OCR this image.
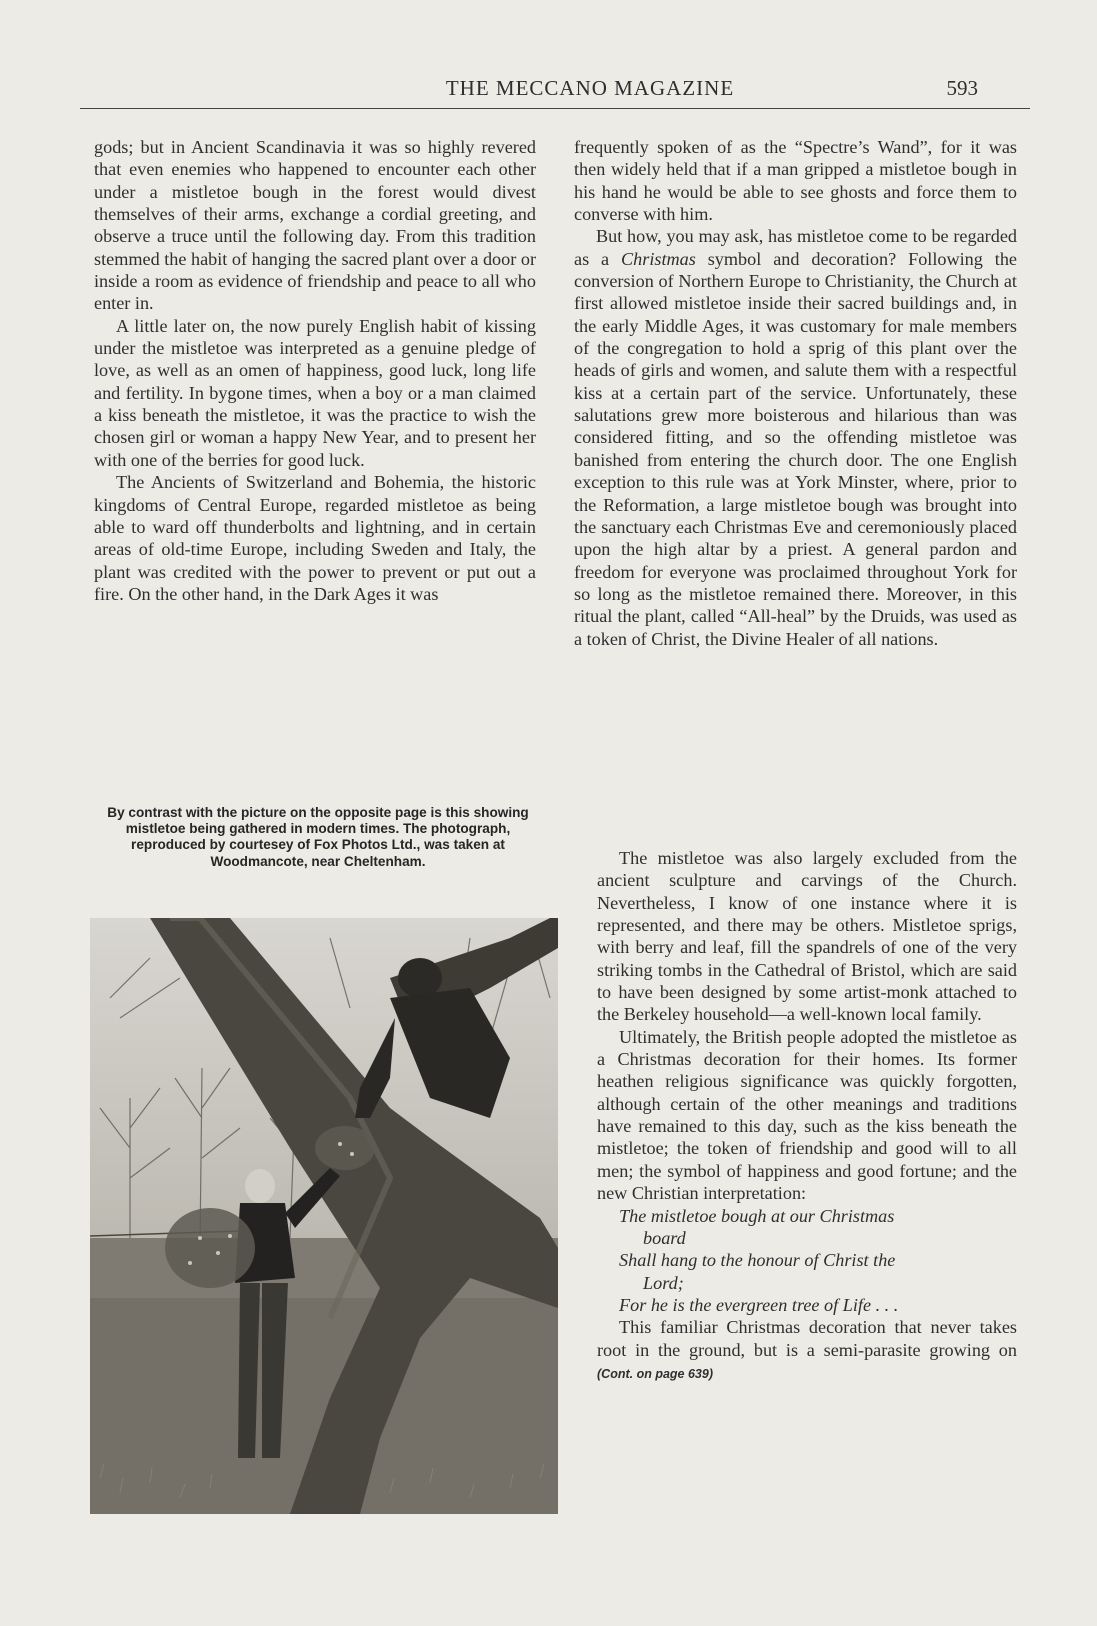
THE MECCANO MAGAZINE	593

gods; but in Ancient Scandinavia it was so highly revered that even enemies who happened to encounter each other under a mistletoe bough in the forest would divest themselves of their arms, exchange a cordial greeting, and observe a truce until the following day. From this tradition stemmed the habit of hanging the sacred plant over a door or inside a room as evidence of friendship and peace to all who enter in.

A little later on, the now purely English habit of kissing under the mistletoe was interpreted as a genuine pledge of love, as well as an omen of happiness, good luck, long life and fertility. In bygone times, when a boy or a man claimed a kiss beneath the mistletoe, it was the practice to wish the chosen girl or woman a happy New Year, and to present her with one of the berries for good luck.

The Ancients of Switzerland and Bohemia, the historic kingdoms of Central Europe, regarded mistletoe as being able to ward off thunderbolts and lightning, and in certain areas of old-time Europe, including Sweden and Italy, the plant was credited with the power to prevent or put out a fire. On the other hand, in the Dark Ages it was

By contrast with the picture on the opposite page is this showing mistletoe being gathered in modern times. The photograph, reproduced by courtesey of Fox Photos Ltd., was taken at Woodmancote, near Cheltenham.

frequently spoken of as the “Spectre’s Wand”, for it was then widely held that if a man gripped a mistletoe bough in his hand he would be able to see ghosts and force them to converse with him.

But how, you may ask, has mistletoe come to be regarded as a Christmas symbol and decoration? Following the conversion of Northern Europe to Christianity, the Church at first allowed mistletoe inside their sacred buildings and, in the early Middle Ages, it was customary for male members of the congregation to hold a sprig of this plant over the heads of girls and women, and salute them with a respectful kiss at a certain part of the service. Unfortunately, these salutations grew more boisterous and hilarious than was considered fitting, and so the offending mistletoe was banished from entering the church door. The one English exception to this rule was at York Minster, where, prior to the Reformation, a large mistletoe bough was brought into the sanctuary each Christmas Eve and ceremoniously placed upon the high altar by a priest. A general pardon and freedom for everyone was proclaimed throughout York for so long as the mistletoe remained there. Moreover, in this ritual the plant, called “All-heal” by the Druids, was used as a token of Christ, the Divine Healer of all nations.

The mistletoe was also largely excluded from the ancient sculpture and carvings of the Church. Nevertheless, I know of one instance where it is represented, and there may be others. Mistletoe sprigs, with berry and leaf, fill the spandrels of one of the very striking tombs in the Cathedral of Bristol, which are said to have been designed by some artist-monk attached to the Berkeley household—a well-known local family.

Ultimately, the British people adopted the mistletoe as a Christmas decoration for their homes. Its former heathen religious significance was quickly forgotten, although certain of the other meanings and traditions have remained to this day, such as the kiss beneath the mistletoe; the token of friendship and good will to all men; the symbol of happiness and good fortune; and the new Christian interpretation:

The mistletoe bough at our Christmas
board
Shall hang to the honour of Christ the
Lord;
For he is the evergreen tree of Life . . .

This familiar Christmas decoration that never takes root in the ground, but is a semi-parasite growing on (Cont. on page 639)
